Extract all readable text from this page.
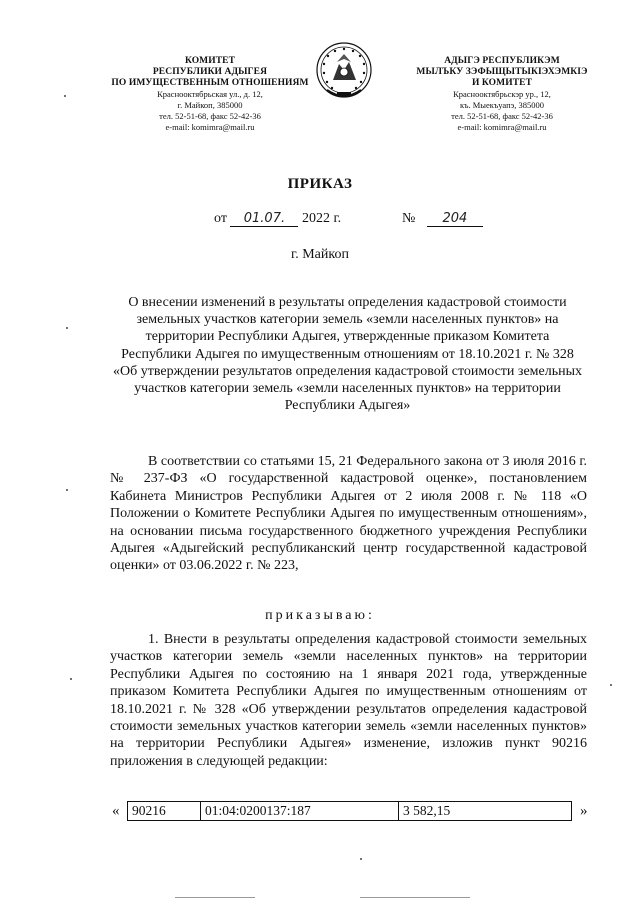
КОМИТЕТ
РЕСПУБЛИКИ АДЫГЕЯ
ПО ИМУЩЕСТВЕННЫМ ОТНОШЕНИЯМ
Краснооктябрьская ул., д. 12,
г. Майкоп, 385000
тел. 52-51-68, факс 52-42-36
e-mail: komimra@mail.ru
АДЫГЭ РЕСПУБЛИКЭМ
МЫЛЪКУ ЗЭФЫЩЫТЫКIЭХЭМКIЭ
И КОМИТЕТ
Краснооктябрьскэр ур., 12,
къ. Мыекъуапэ, 385000
тел. 52-51-68, факс 52-42-36
e-mail: komimra@mail.ru
ПРИКАЗ
от 01.07. 2022 г.	№ 204
г. Майкоп
О внесении изменений в результаты определения кадастровой стоимости земельных участков категории земель «земли населенных пунктов» на территории Республики Адыгея, утвержденные приказом Комитета Республики Адыгея по имущественным отношениям от 18.10.2021 г. № 328 «Об утверждении результатов определения кадастровой стоимости земельных участков категории земель «земли населенных пунктов» на территории Республики Адыгея»
В соответствии со статьями 15, 21 Федерального закона от 3 июля 2016 г. № 237-ФЗ «О государственной кадастровой оценке», постановлением Кабинета Министров Республики Адыгея от 2 июля 2008 г. № 118 «О Положении о Комитете Республики Адыгея по имущественным отношениям», на основании письма государственного бюджетного учреждения Республики Адыгея «Адыгейский республиканский центр государственной кадастровой оценки» от 03.06.2022 г. № 223,
приказываю:
1. Внести в результаты определения кадастровой стоимости земельных участков категории земель «земли населенных пунктов» на территории Республики Адыгея по состоянию на 1 января 2021 года, утвержденные приказом Комитета Республики Адыгея по имущественным отношениям от 18.10.2021 г. № 328 «Об утверждении результатов определения кадастровой стоимости земельных участков категории земель «земли населенных пунктов» на территории Республики Адыгея» изменение, изложив пункт 90216 приложения в следующей редакции:
« 90216	01:04:0200137:187	3 582,15	»
